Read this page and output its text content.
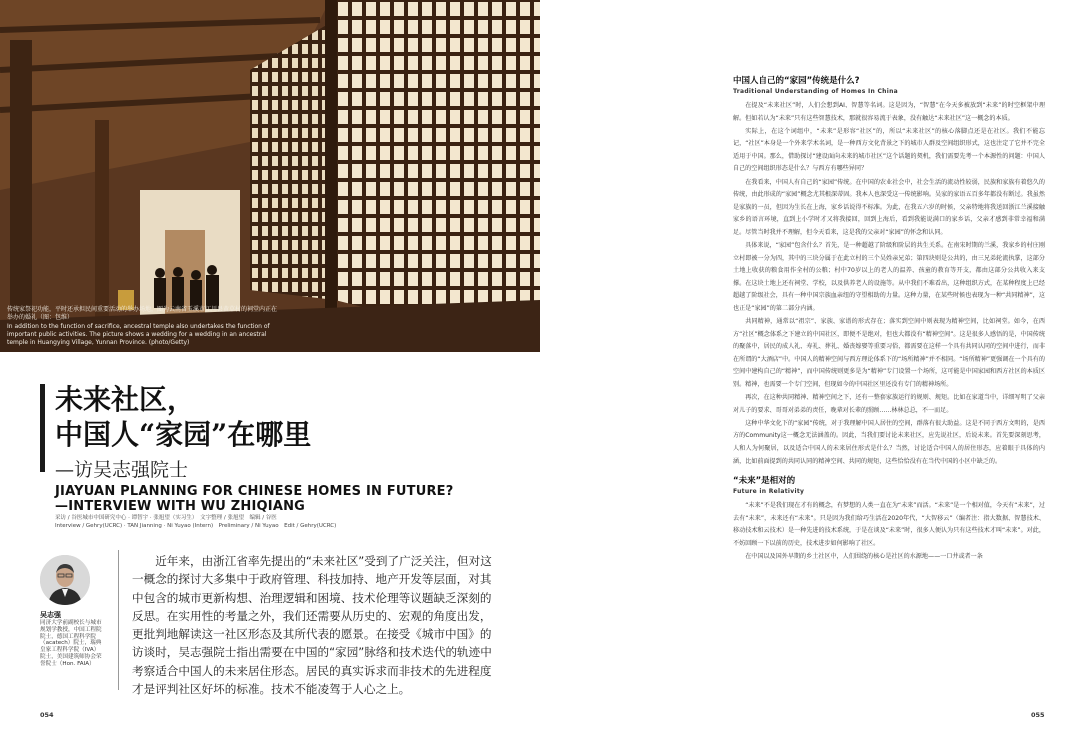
传统家祭祀功能，平时还承担民间重要活动的举办场地，图为云南省玉溪市江川县黄草村的祠堂内正在举办的婚礼（图：包维）
In addition to the function of sacrifice, ancestral temple also undertakes the function of important public activities. The picture shows a wedding for a wedding in an ancestral temple in Huangying Village, Yunnan Province. (photo/Getty)
未来社区，
中国人“家园”在哪里
—访吴志强院士
JIAYUAN PLANNING FOR CHINESE HOMES IN FUTURE?
—INTERVIEW WITH WU ZHIQIANG
采访 / 谷医城市中国研究中心 · 谭智宇 · 张旭望（实习生）　文字整理 / 张旭望　编辑 / 谷医
Interview / Gehry(UCRC) · TAN Jianning · Ni Yuyao (Intern)　Preliminary / Ni Yuyao　Edit / Gehry(UCRC)
吴志强
同济大学前副校长与城市规划学教授，中国工程院院士，德国工程科学院（acatech）院士，瑞典皇家工程科学院（IVA）院士，美国建筑师协会荣誉院士（Hon. FAIA）

近年来，由浙江省率先提出的“未来社区”受到了广泛关注，但对这一概念的探讨大多集中于政府管理、科技加持、地产开发等层面，对其中包含的城市更新构想、治理逻辑和困境、技术伦理等议题缺乏深刻的反思。在实用性的考量之外，我们还需要从历史的、宏观的角度出发，更批判地解读这一社区形态及其所代表的愿景。在接受《城市中国》的访谈时，吴志强院士指出需要在中国的“家园”脉络和技术迭代的轨迹中考察适合中国人的未来居住形态。居民的真实诉求而非技术的先进程度才是评判社区好坏的标准。技术不能凌驾于人心之上。

054

中国人自己的“家园”传统是什么?

Traditional Understanding of Homes In China

在提及“未来社区”时，人们会想到AI、智慧等名词。这是因为，“智慧”在今天多被放到“未来”的时空框架中理解。但如若认为“未来”只有这些智慧技术，那就很容易流于表象，没有触达“未来社区”这一概念的本质。

实际上，在这个词组中，“未来”是形容“社区”的，所以“未来社区”的核心落脚点还是在社区。我们不能忘记，“社区”本身是一个外来学术名词，是一种西方文化背景之下的城市人群及空间组织形式，这也注定了它并不完全适用于中国。那么，借助探讨“建设面向未来的城市社区”这个话题的契机，我们需要先考一个本源性的问题：中国人自己的空间组织形态是什么？与西方有哪些异同？

在我看来，中国人有自己的“家园”传统。在中国的农业社会中，社会生活的流动性较弱，民族和家族有着悠久的传统，由此形成的“家园”概念尤其根深蒂固。我本人也深受这一传统影响。吴家的家语五百多年都没有断过。我虽然是家族的一员，但因为生长在上海，家乡话说得不标准。为此，在我五六岁的时候，父亲特地将我送回浙江兰溪接触家乡的语言环境，直到上小学时才又将我接回，回到上海后，看到我能说满口的家乡话，父亲才感到非常幸福和满足。尽管当时我并不理解，但今天看来，这是我的父亲对“家园”的怀念和认同。

具体来说，“家园”包含什么？首先，是一种超越了阶级和阶层的共生关系。在南宋时期的兰溪，我家乡的村庄刚立村即被一分为四，其中的三块分属于在此立村的三个吴姓亲兄弟；第四块则是公共的，由三兄弟轮流执掌，这部分土地上收获的粮食用作全村的公粮；村中70岁以上的老人的温养、孩童的教育等开支，都由这部分公共收入来支撑。在这块土地上还有祠堂、学校，以及供养老人的设施等。从中我们不难看出，这种组织方式，在某种程度上已经超越了阶级社会，具有一种中国宗族血亲纽的守望相助的力量。这种力量，在某些时候也表现为一种“共同精神”，这也正是“家园”的第二部分内涵。

共同精神，通常以“祖宗”、家族、家谱的形式存在；落实到空间中则表现为精神空间，比如祠堂。如今，在西方“社区”概念体系之下建立的中国社区，即便不是绝对，但也大都没有“精神空间”。这是很多人感悟的是，中国传统的聚落中，居民的成人礼、寿礼、葬礼、婚丧嫁娶等重要习俗，都需要在这样一个具有共同认同的空间中进行，而非在所谓的“大酒店”中。中国人的精神空间与西方理论体系下的“场所精神”并不相同。“场所精神”更强调在一个具有的空间中建构自己的“精神”，而中国传统则更多是为“精神”专门设置一个场所，这可能是中国家园和西方社区的本质区别。精神，也需要一个专门空间，但现如今的中国社区里还没有专门的精神场所。

再次，在这种共同精神、精神空间之下，还有一整套家族运行的规则、规矩。比如在家道当中，详细写明了父亲对儿子的要求、哥哥对弟弟的责任，晚辈对长辈的照顾……林林总总，不一而足。

这种中华文化下的“家园”传统，对于我理解中国人居住的空间，群落有很大助益。这是不同于西方文明的，是西方的Community这一概念无法涵盖的。因此，当我们要讨论未来社区，应先说社区，后说未来。首先要深刻思考，人和人为何聚居，以及适合中国人的未来居住形式是什么？当然，讨论适合中国人的居住形态，应着眼于具体的内涵，比如前面提到的共同认同的精神空间、共同的规矩，这些恰恰没有在当代中国的小区中缺乏的。

“未来”是相对的

Future in Relativity

“未来”不是我们现在才有的概念，有梦想的人类一直在为“未来”而活。“未来”是一个相对值，今天有“未来”，过去有“未来”，未来还有“未来”。只是因为我们给巧生活在2020年代，“大智移云”（编者注：指大数据、智慧技术、移动技术和云技术）是一种先进的技术系统，于是在谈及“未来”时，很多人便认为只有这些技术才叫“未来”。对此，不妨回顾一下以前的历史，技术进步如何影响了社区。

在中国以及国外早期的乡土社区中，人们围绕的核心是社区的水源地——一口井或者一条

055
